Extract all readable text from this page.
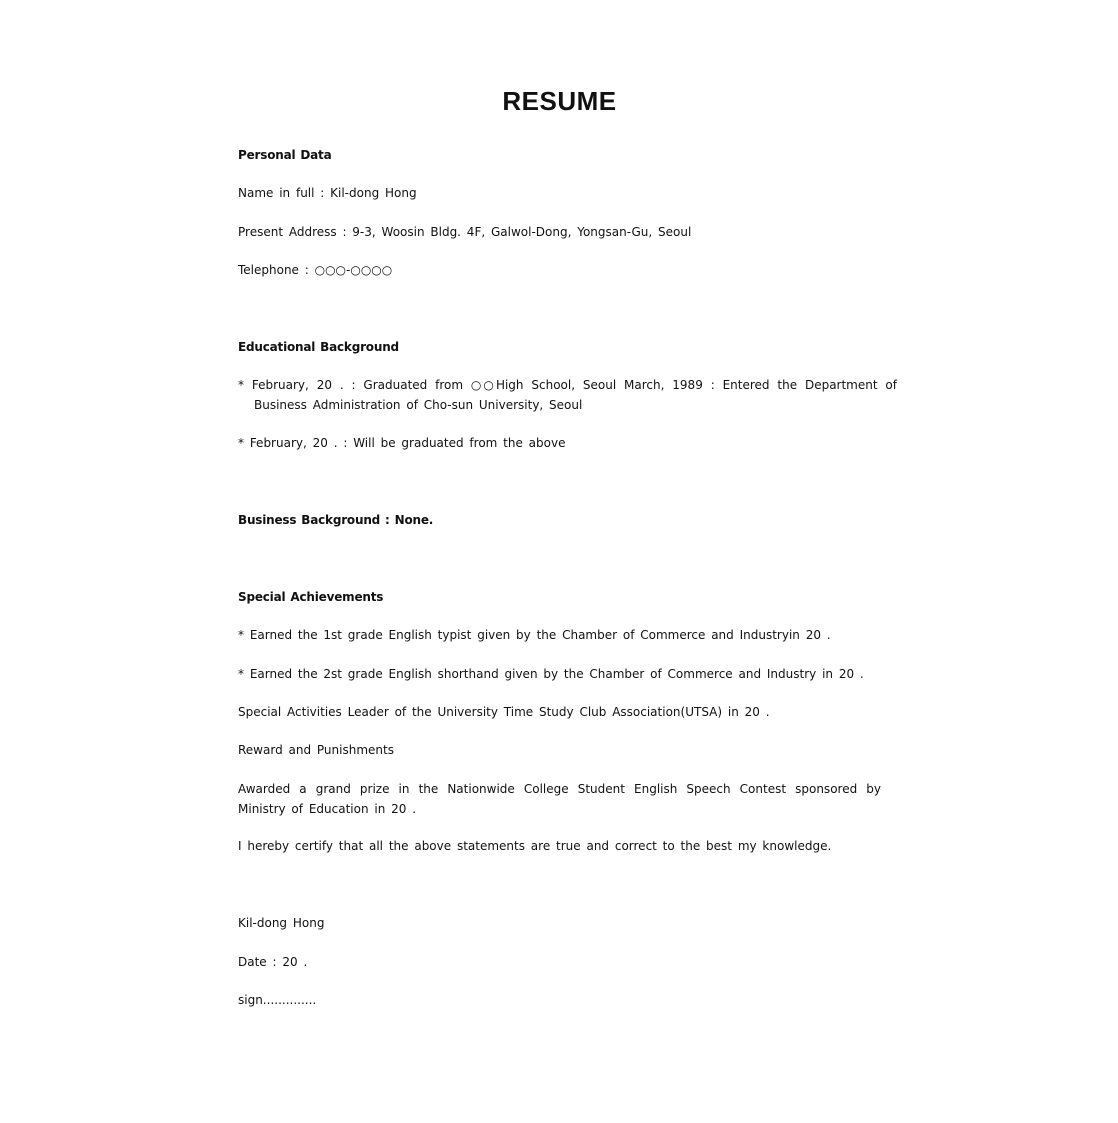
RESUME

Personal Data

Name in full : Kil-dong Hong

Present Address : 9-3, Woosin Bldg. 4F, Galwol-Dong, Yongsan-Gu, Seoul

Telephone : ○○○-○○○○

Educational Background

* February, 20 . : Graduated from ○○High School, Seoul March, 1989 : Entered the Department of Business Administration of Cho-sun University, Seoul

* February, 20 . : Will be graduated from the above

Business Background : None.

Special Achievements

* Earned the 1st grade English typist given by the Chamber of Commerce and Industryin 20 .

* Earned the 2st grade English shorthand given by the Chamber of Commerce and Industry in 20 .

Special Activities Leader of the University Time Study Club Association(UTSA) in 20 .

Reward and Punishments

Awarded a grand prize in the Nationwide College Student English Speech Contest sponsored by Ministry of Education in 20 .

I hereby certify that all the above statements are true and correct to the best my knowledge.

Kil-dong Hong

Date : 20 .

sign..............
